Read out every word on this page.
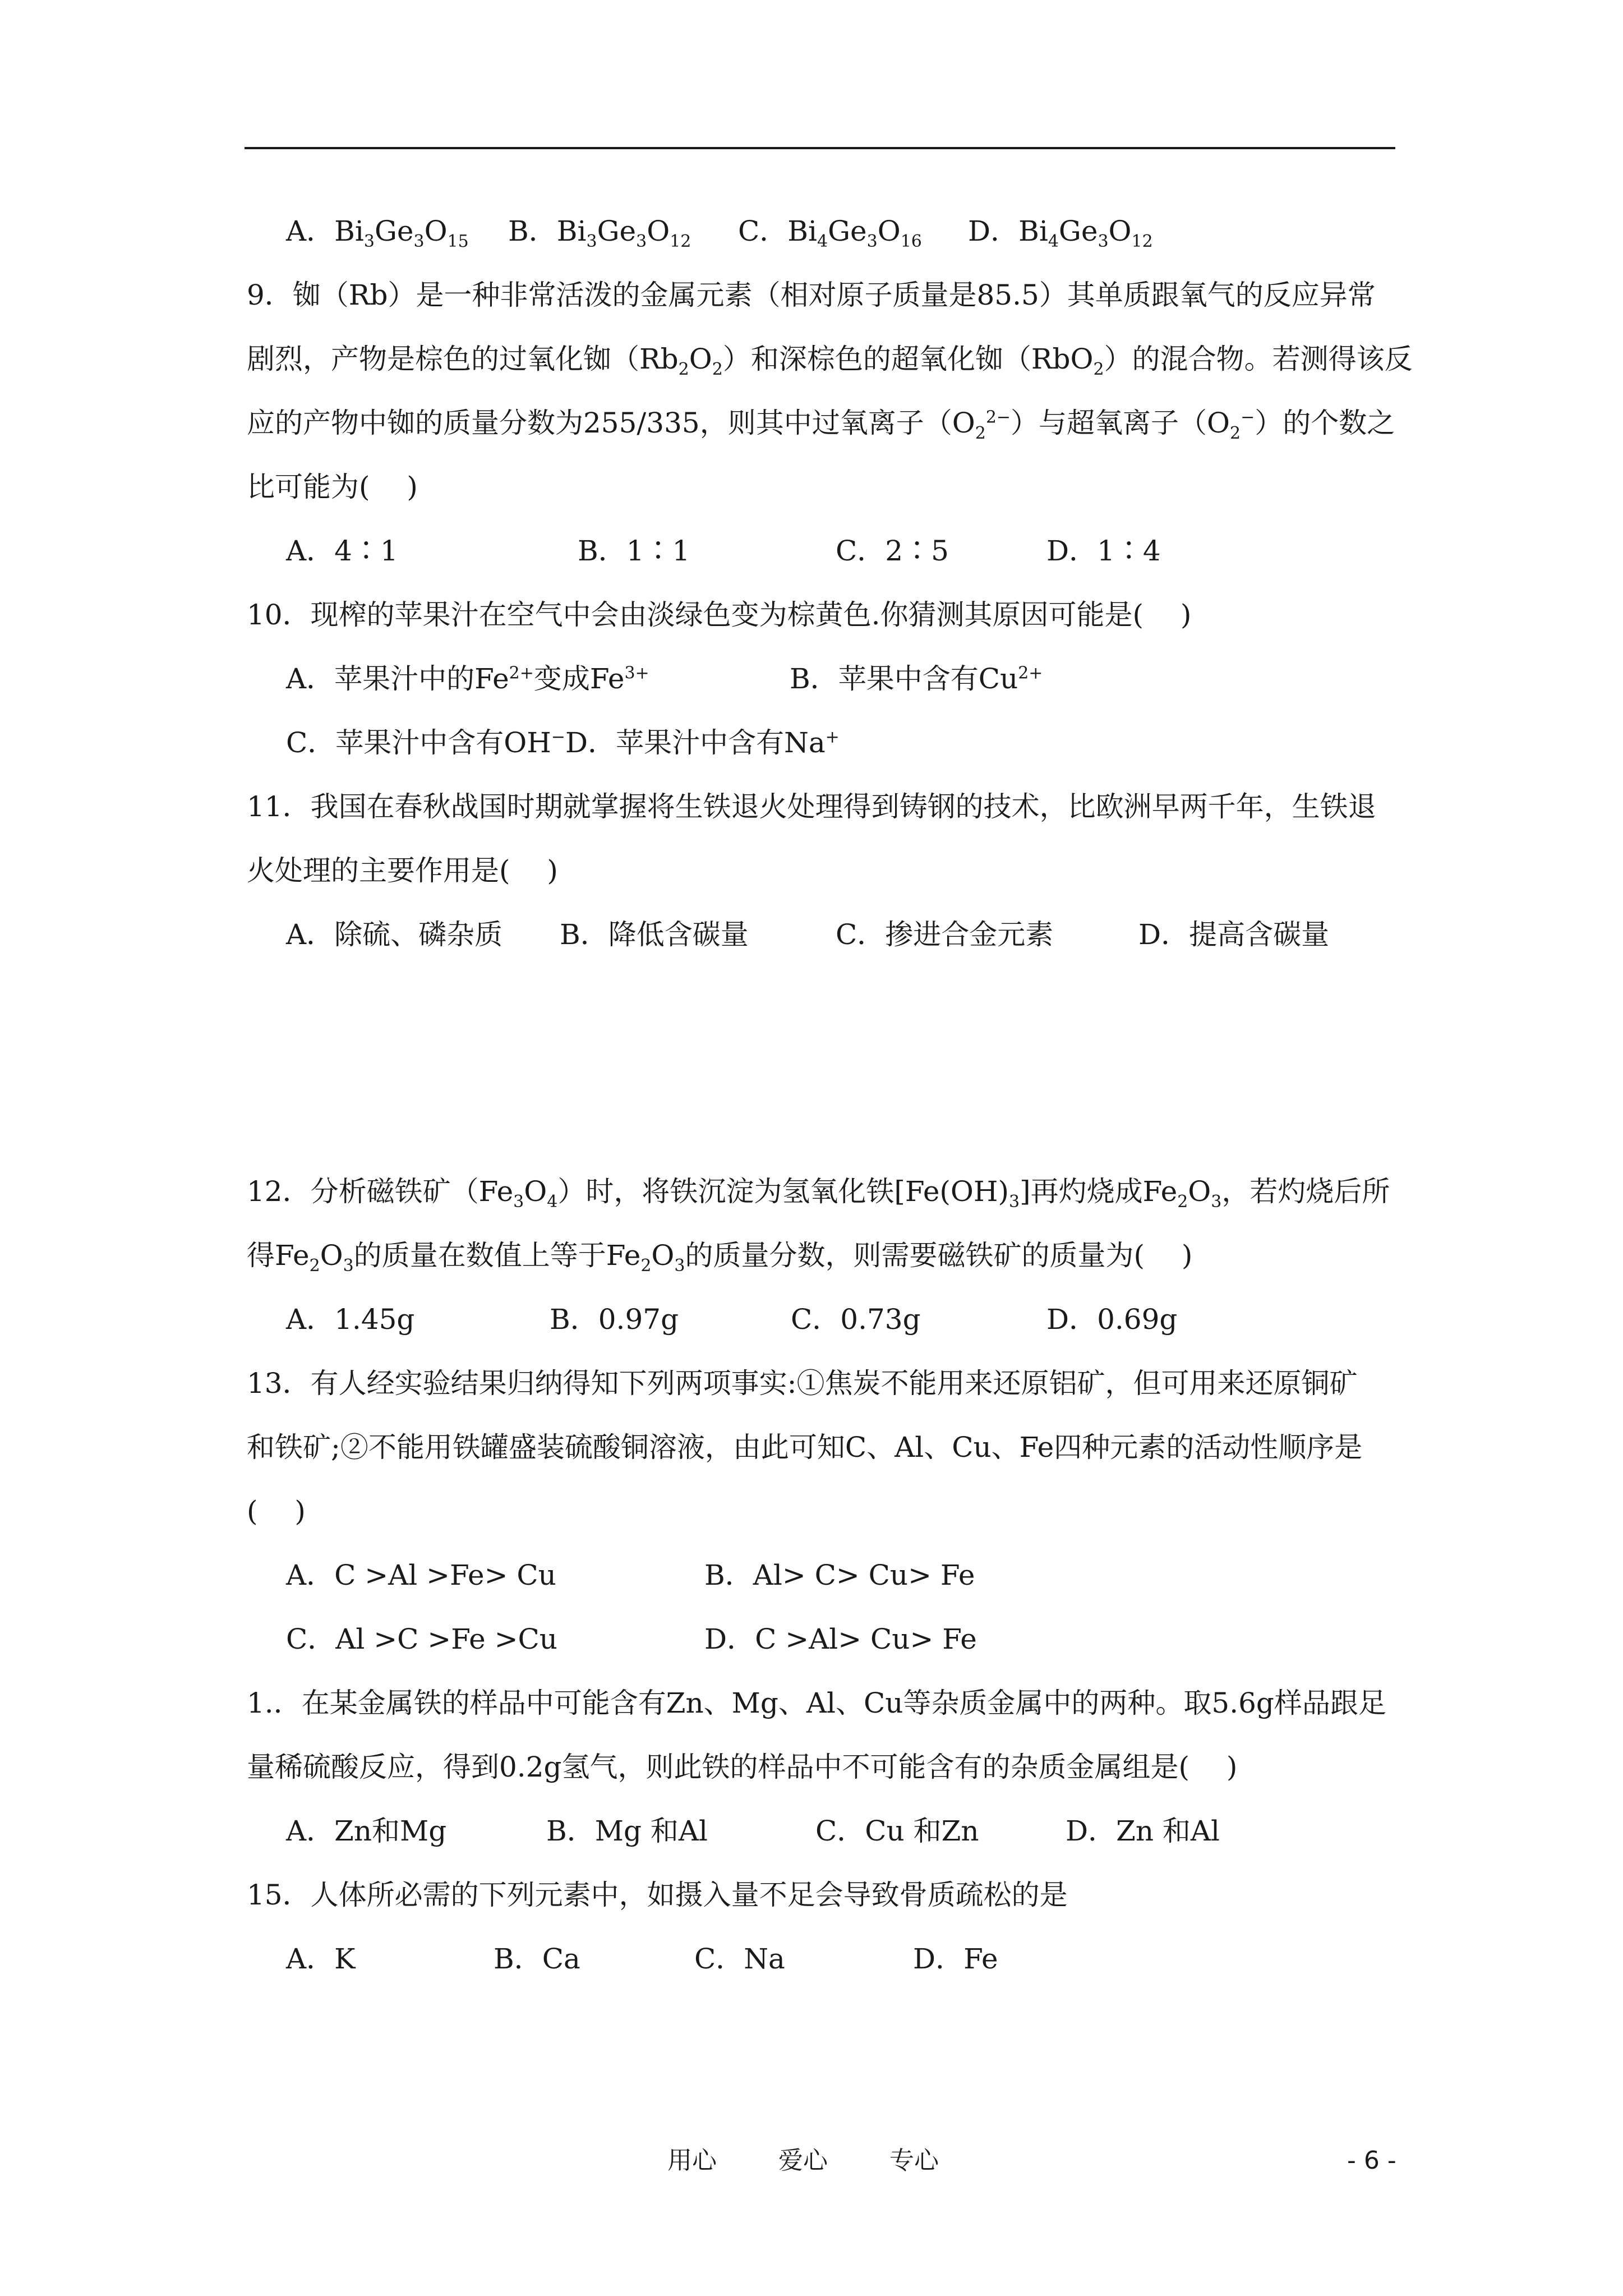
A．$Bi_3Ge_3O_{15}$ B．$Bi_3Ge_3O_{12}$ C．$Bi_4Ge_3O_{16}$ D．$Bi_4Ge_3O_{12}$
9．铷（Rb）是一种非常活泼的金属元素（相对原子质量是85.5）其单质跟氧气的反应异常
剧烈，产物是棕色的过氧化铷$(Rb_2O_2)$和深棕色的超氧化铷（RbO$_2$）的混合物。若测得该反
应的产物中铷的质量分数为255/335，则其中过氧离子$(O_2^{2-})$与超氧离子$(O_2^-)$的个数之
比可能为(　 )
A．4∶1	B．1∶1	C．2∶5	D．1∶4
10．现榨的苹果汁在空气中会由淡绿色变为棕黄色.你猜测其原因可能是(　 )
A．苹果汁中的$Fe^{2+}$变成$Fe^{3+}$	B．苹果中含有$Cu^{2+}$
C．苹果汁中含有OH−D．苹果汁中含有Na+
11．我国在春秋战国时期就掌握将生铁退火处理得到铸钢的技术，比欧洲早两千年，生铁退
火处理的主要作用是(　 )
A．除硫、磷杂质 B．降低含碳量	C．掺进合金元素	D．提高含碳量
12．分析磁铁矿$(Fe_3O_4)$时，将铁沉淀为氢氧化铁$[Fe(OH)_3]$再灼烧成$Fe_2O_3$，若灼烧后所
得$Fe_2O_3$的质量在数值上等于$Fe_2O_3$的质量分数，则需要磁铁矿的质量为(　 )
A．1.45g	B．0.97g	C．0.73g	D．0.69g
13．有人经实验结果归纳得知下列两项事实:①焦炭不能用来还原铝矿，但可用来还原铜矿
和铁矿;②不能用铁罐盛装硫酸铜溶液，由此可知C、Al、Cu、Fe四种元素的活动性顺序是
(　 )
A．C >Al >Fe> Cu	B．Al> C> Cu> Fe
C．Al >C >Fe >Cu	D．C >Al> Cu> Fe
1.．在某金属铁的样品中可能含有Zn、Mg、Al、Cu等杂质金属中的两种。取5.6g样品跟足
量稀硫酸反应，得到0.2g氢气，则此铁的样品中不可能含有的杂质金属组是(　 )
A．Zn和Mg	B．Mg 和Al	C．Cu 和Zn	D．Zn 和Al
15．人体所必需的下列元素中，如摄入量不足会导致骨质疏松的是
A．K	B．Ca	C．Na	D．Fe
用心	爱心	专心	- 6 -
